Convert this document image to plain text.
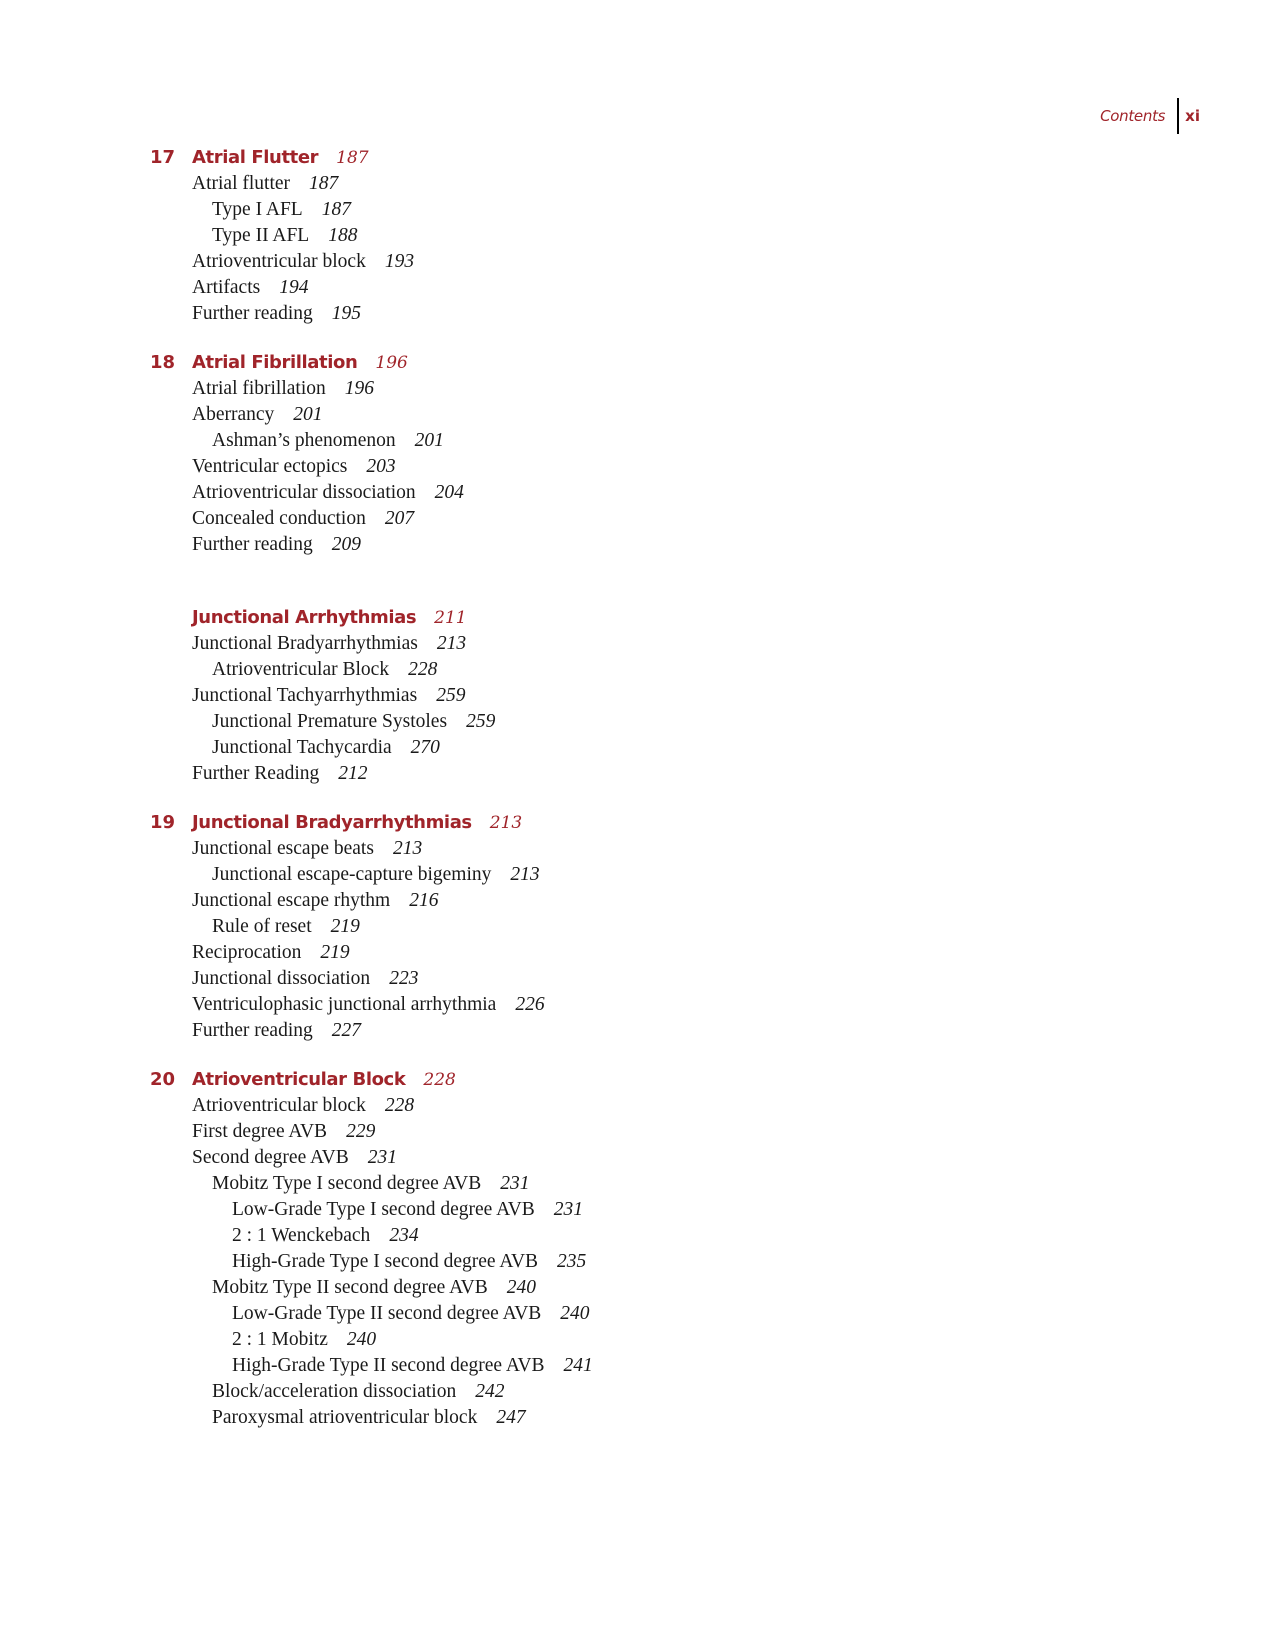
Contents	xi
17 Atrial Flutter 187
Atrial flutter 187
Type I AFL 187
Type II AFL 188
Atrioventricular block 193
Artifacts 194
Further reading 195
18 Atrial Fibrillation 196
Atrial fibrillation 196
Aberrancy 201
Ashman’s phenomenon 201
Ventricular ectopics 203
Atrioventricular dissociation 204
Concealed conduction 207
Further reading 209
Junctional Arrhythmias 211
Junctional Bradyarrhythmias 213
Atrioventricular Block 228
Junctional Tachyarrhythmias 259
Junctional Premature Systoles 259
Junctional Tachycardia 270
Further Reading 212
19 Junctional Bradyarrhythmias 213
Junctional escape beats 213
Junctional escape-capture bigeminy 213
Junctional escape rhythm 216
Rule of reset 219
Reciprocation 219
Junctional dissociation 223
Ventriculophasic junctional arrhythmia 226
Further reading 227
20 Atrioventricular Block 228
Atrioventricular block 228
First degree AVB 229
Second degree AVB 231
Mobitz Type I second degree AVB 231
Low-Grade Type I second degree AVB 231
2 : 1 Wenckebach 234
High-Grade Type I second degree AVB 235
Mobitz Type II second degree AVB 240
Low-Grade Type II second degree AVB 240
2 : 1 Mobitz 240
High-Grade Type II second degree AVB 241
Block/acceleration dissociation 242
Paroxysmal atrioventricular block 247
